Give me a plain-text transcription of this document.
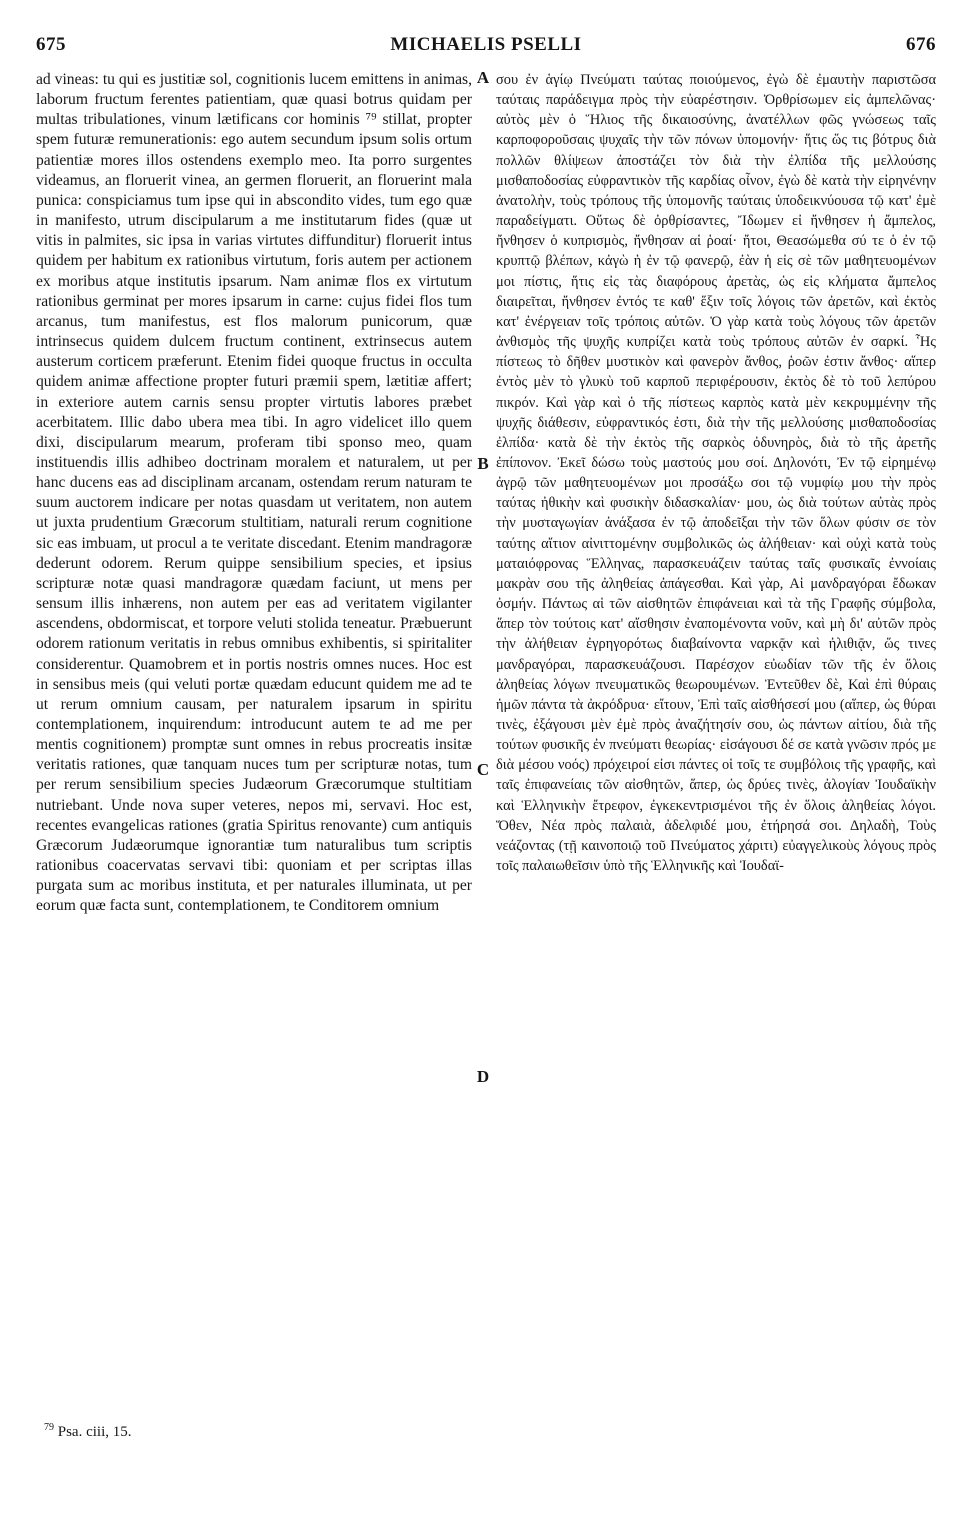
675	MICHAELIS PSELLI	676

ad vineas: tu qui es justitiæ sol, cognitionis lucem emittens in animas, laborum fructum ferentes patientiam, quæ quasi botrus quidam per multas tribulationes, vinum lætificans cor hominis ⁷⁹ stillat, propter spem futuræ remunerationis: ego autem secundum ipsum solis ortum patientiæ mores illos ostendens exemplo meo. Ita porro surgentes videamus, an floruerit vinea, an germen floruerit, an floruerint mala punica: conspiciamus tum ipse qui in abscondito vides, tum ego quæ in manifesto, utrum discipularum a me institutarum fides (quæ ut vitis in palmites, sic ipsa in varias virtutes diffunditur) floruerit intus quidem per habitum ex rationibus virtutum, foris autem per actionem ex moribus atque institutis ipsarum. Nam animæ flos ex virtutum rationibus germinat per mores ipsarum in carne: cujus fidei flos tum arcanus, tum manifestus, est flos malorum punicorum, quæ intrinsecus quidem dulcem fructum continent, extrinsecus autem austerum corticem præferunt. Etenim fidei quoque fructus in occulta quidem animæ affectione propter futuri præmii spem, lætitiæ affert; in exteriore autem carnis sensu propter virtutis labores præbet acerbitatem. Illic dabo ubera mea tibi. In agro videlicet illo quem dixi, discipularum mearum, proferam tibi sponso meo, quam instituendis illis adhibeo doctrinam moralem et naturalem, ut per hanc ducens eas ad disciplinam arcanam, ostendam rerum naturam te suum auctorem indicare per notas quasdam ut veritatem, non autem ut juxta prudentium Græcorum stultitiam, naturali rerum cognitione sic eas imbuam, ut procul a te veritate discedant. Etenim mandragoræ dederunt odorem. Rerum quippe sensibilium species, et ipsius scripturæ notæ quasi mandragoræ quædam faciunt, ut mens per sensum illis inhærens, non autem per eas ad veritatem vigilanter ascendens, obdormiscat, et torpore veluti stolida teneatur. Præbuerunt odorem rationum veritatis in rebus omnibus exhibentis, si spiritaliter considerentur. Quamobrem et in portis nostris omnes nuces. Hoc est in sensibus meis (qui veluti portæ quædam educunt quidem me ad te ut rerum omnium causam, per naturalem ipsarum in spiritu contemplationem, inquirendum: introducunt autem te ad me per mentis cognitionem) promptæ sunt omnes in rebus procreatis insitæ veritatis rationes, quæ tanquam nuces tum per scripturæ notas, tum per rerum sensibilium species Judæorum Græcorumque stultitiam nutriebant. Unde nova super veteres, nepos mi, servavi. Hoc est, recentes evangelicas rationes (gratia Spiritus renovante) cum antiquis Græcorum Judæorumque ignorantiæ tum naturalibus tum scriptis rationibus coacervatas servavi tibi: quoniam et per scriptas illas purgata sum ac moribus instituta, et per naturales illuminata, ut per eorum quæ facta sunt, contemplationem, te Conditorem omnium

A
B
C
D

σου ἐν ἁγίῳ Πνεύματι ταύτας ποιούμενος, ἐγὼ δὲ ἐμαυτὴν παριστῶσα ταύταις παράδειγμα πρὸς τὴν εὐαρέστησιν. Ὀρθρίσωμεν εἰς ἀμπελῶνας· αὐτὸς μὲν ὁ Ἥλιος τῆς δικαιοσύνης, ἀνατέλλων φῶς γνώσεως ταῖς καρποφοροῦσαις ψυχαῖς τὴν τῶν πόνων ὑπομονήν· ἥτις ὥς τις βότρυς διὰ πολλῶν θλίψεων ἀποστάζει τὸν διὰ τὴν ἐλπίδα τῆς μελλούσης μισθαποδοσίας εὐφραντικὸν τῆς καρδίας οἶνον, ἐγὼ δὲ κατὰ τὴν εἰρηνένην ἀνατολὴν, τοὺς τρόπους τῆς ὑπομονῆς ταύταις ὑποδεικνύουσα τῷ κατ' ἐμὲ παραδείγματι. Οὕτως δὲ ὀρθρίσαντες, Ἴδωμεν εἰ ἤνθησεν ἡ ἄμπελος, ἤνθησεν ὁ κυπρισμὸς, ἤνθησαν αἱ ῥοαί· ἤτοι, Θεασώμεθα σύ τε ὁ ἐν τῷ κρυπτῷ βλέπων, κἀγὼ ἡ ἐν τῷ φανερῷ, ἐὰν ἡ εἰς σὲ τῶν μαθητευομένων μοι πίστις, ἥτις εἰς τὰς διαφόρους ἀρετὰς, ὡς εἰς κλήματα ἄμπελος διαιρεῖται, ἤνθησεν ἐντός τε καθ' ἕξιν τοῖς λόγοις τῶν ἀρετῶν, καὶ ἐκτὸς κατ' ἐνέργειαν τοῖς τρόποις αὐτῶν. Ὁ γὰρ κατὰ τοὺς λόγους τῶν ἀρετῶν ἀνθισμὸς τῆς ψυχῆς κυπρίζει κατὰ τοὺς τρόπους αὐτῶν ἐν σαρκί. Ἧς πίστεως τὸ δῆθεν μυστικὸν καὶ φανερὸν ἄνθος, ῥοῶν ἐστιν ἄνθος· αἵπερ ἐντὸς μὲν τὸ γλυκὺ τοῦ καρποῦ περιφέρουσιν, ἐκτὸς δὲ τὸ τοῦ λεπύρου πικρόν. Καὶ γὰρ καὶ ὁ τῆς πίστεως καρπὸς κατὰ μὲν κεκρυμμένην τῆς ψυχῆς διάθεσιν, εὐφραντικός ἐστι, διὰ τὴν τῆς μελλούσης μισθαποδοσίας ἐλπίδα· κατὰ δὲ τὴν ἐκτὸς τῆς σαρκὸς ὀδυνηρὸς, διὰ τὸ τῆς ἀρετῆς ἐπίπονον. Ἐκεῖ δώσω τοὺς μαστούς μου σοί. Δηλονότι, Ἐν τῷ εἰρημένῳ ἀγρῷ τῶν μαθητευομένων μοι προσάξω σοι τῷ νυμφίῳ μου τὴν πρὸς ταύτας ἠθικὴν καὶ φυσικὴν διδασκαλίαν· μου, ὡς διὰ τούτων αὐτὰς πρὸς τὴν μυσταγωγίαν ἀνάξασα ἐν τῷ ἀποδεῖξαι τὴν τῶν ὅλων φύσιν σε τὸν ταύτης αἴτιον αἰνιττομένην συμβολικῶς ὡς ἀλήθειαν· καὶ οὐχὶ κατὰ τοὺς ματαιόφρονας Ἕλληνας, παρασκευάζειν ταύτας ταῖς φυσικαῖς ἐννοίαις μακρὰν σου τῆς ἀληθείας ἀπάγεσθαι. Καὶ γὰρ, Αἱ μανδραγόραι ἔδωκαν ὀσμήν. Πάντως αἱ τῶν αἰσθητῶν ἐπιφάνειαι καὶ τὰ τῆς Γραφῆς σύμβολα, ἅπερ τὸν τούτοις κατ' αἴσθησιν ἐναπομένοντα νοῦν, καὶ μὴ δι' αὐτῶν πρὸς τὴν ἀλήθειαν ἐγρηγορότως διαβαίνοντα ναρκᾷν καὶ ἠλιθιᾷν, ὥς τινες μανδραγόραι, παρασκευάζουσι. Παρέσχον εὐωδίαν τῶν τῆς ἐν ὅλοις ἀληθείας λόγων πνευματικῶς θεωρουμένων. Ἐντεῦθεν δὲ, Καὶ ἐπὶ θύραις ἡμῶν πάντα τὰ ἀκρόδρυα· εἴτουν, Ἐπὶ ταῖς αἰσθήσεσί μου (αἵπερ, ὡς θύραι τινὲς, ἐξάγουσι μὲν ἐμὲ πρὸς ἀναζήτησίν σου, ὡς πάντων αἰτίου, διὰ τῆς τούτων φυσικῆς ἐν πνεύματι θεωρίας· εἰσάγουσι δέ σε κατὰ γνῶσιν πρός με διὰ μέσου νοός) πρόχειροί εἰσι πάντες οἱ τοῖς τε συμβόλοις τῆς γραφῆς, καὶ ταῖς ἐπιφανείαις τῶν αἰσθητῶν, ἅπερ, ὡς δρύες τινὲς, ἀλογίαν Ἰουδαϊκὴν καὶ Ἑλληνικὴν ἔτρεφον, ἐγκεκεντρισμένοι τῆς ἐν ὅλοις ἀληθείας λόγοι. Ὅθεν, Νέα πρὸς παλαιὰ, ἀδελφιδέ μου, ἐτήρησά σοι. Δηλαδὴ, Τοὺς νεάζοντας (τῇ καινοποιῷ τοῦ Πνεύματος χάριτι) εὐαγγελικοὺς λόγους πρὸς τοῖς παλαιωθεῖσιν ὑπὸ τῆς Ἑλληνικῆς καὶ Ἰουδαϊ-

$^{79}$ Psa. ciii, 15.
